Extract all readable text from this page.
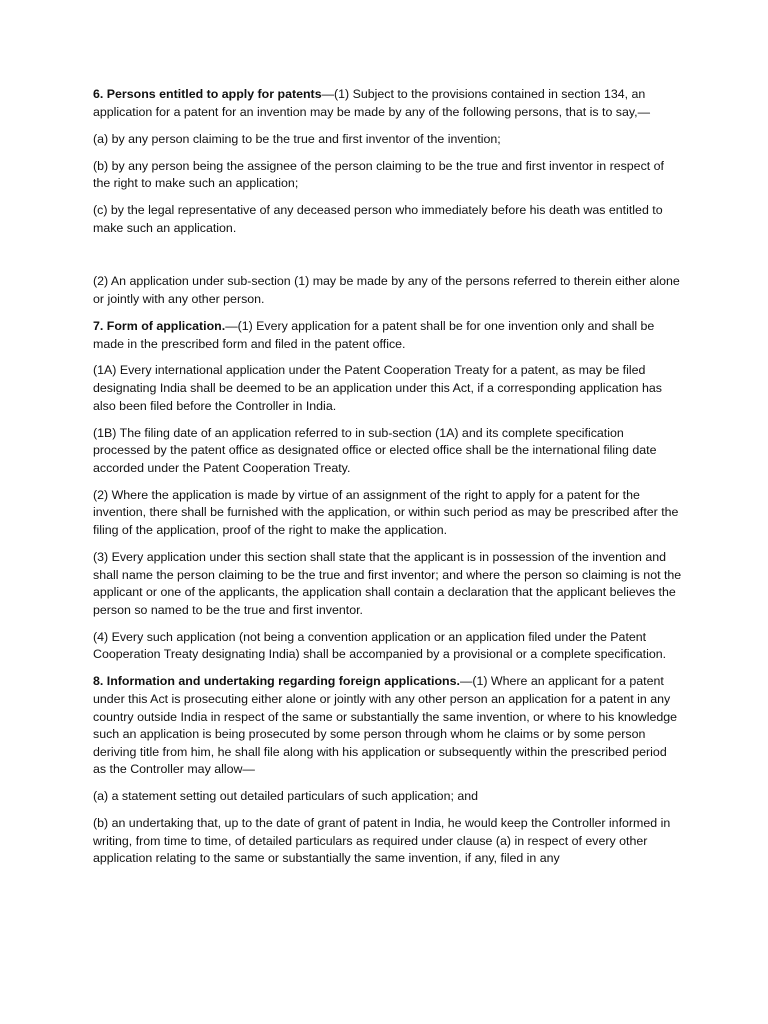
6. Persons entitled to apply for patents—(1) Subject to the provisions contained in section 134, an application for a patent for an invention may be made by any of the following persons, that is to say,—

(a) by any person claiming to be the true and first inventor of the invention;

(b) by any person being the assignee of the person claiming to be the true and first inventor in respect of the right to make such an application;

(c) by the legal representative of any deceased person who immediately before his death was entitled to make such an application.

(2) An application under sub-section (1) may be made by any of the persons referred to therein either alone or jointly with any other person.

7. Form of application.—(1) Every application for a patent shall be for one invention only and shall be made in the prescribed form and filed in the patent office.

(1A) Every international application under the Patent Cooperation Treaty for a patent, as may be filed designating India shall be deemed to be an application under this Act, if a corresponding application has also been filed before the Controller in India.

(1B) The filing date of an application referred to in sub-section (1A) and its complete specification processed by the patent office as designated office or elected office shall be the international filing date accorded under the Patent Cooperation Treaty.

(2) Where the application is made by virtue of an assignment of the right to apply for a patent for the invention, there shall be furnished with the application, or within such period as may be prescribed after the filing of the application, proof of the right to make the application.

(3) Every application under this section shall state that the applicant is in possession of the invention and shall name the person claiming to be the true and first inventor; and where the person so claiming is not the applicant or one of the applicants, the application shall contain a declaration that the applicant believes the person so named to be the true and first inventor.

(4) Every such application (not being a convention application or an application filed under the Patent Cooperation Treaty designating India) shall be accompanied by a provisional or a complete specification.

8. Information and undertaking regarding foreign applications.—(1) Where an applicant for a patent under this Act is prosecuting either alone or jointly with any other person an application for a patent in any country outside India in respect of the same or substantially the same invention, or where to his knowledge such an application is being prosecuted by some person through whom he claims or by some person deriving title from him, he shall file along with his application or subsequently within the prescribed period as the Controller may allow—

(a) a statement setting out detailed particulars of such application; and

(b) an undertaking that, up to the date of grant of patent in India, he would keep the Controller informed in writing, from time to time, of detailed particulars as required under clause (a) in respect of every other application relating to the same or substantially the same invention, if any, filed in any
